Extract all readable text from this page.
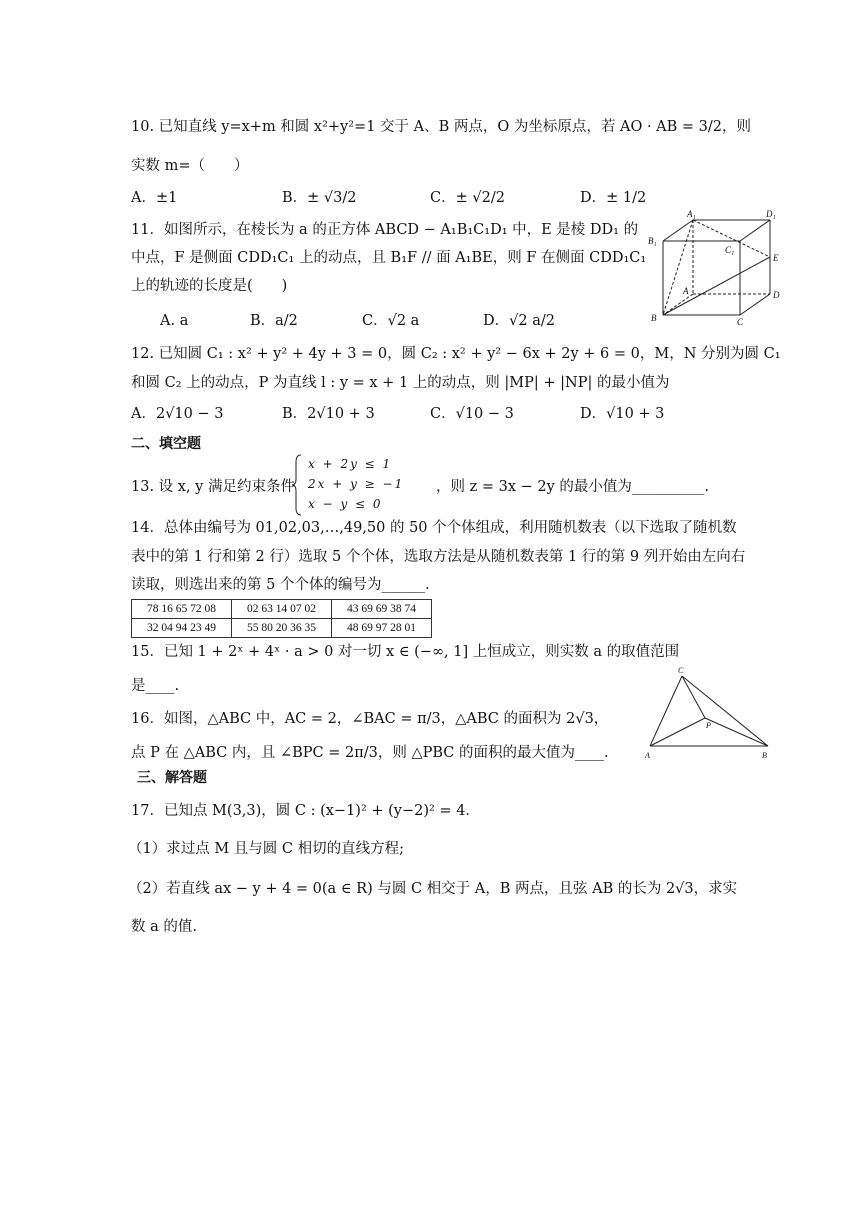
10. 已知直线 y=x+m 和圆 x²+y²=1 交于 A、B 两点，O 为坐标原点，若 AO · AB = 3/2，则
实数 m=（　　）
A．±1	B．± √3/2	C．± √2/2	D．± 1/2
11．如图所示，在棱长为 a 的正方体 ABCD − A₁B₁C₁D₁ 中，E 是棱 DD₁ 的
中点，F 是侧面 CDD₁C₁ 上的动点，且 B₁F // 面 A₁BE，则 F 在侧面 CDD₁C₁
上的轨迹的长度是(　　)
A. a	B．a/2	C．√2 a	D．√2 a/2
A₁	D₁
B₁
C₁
E
A	D
B	C
12. 已知圆 C₁ : x² + y² + 4y + 3 = 0，圆 C₂ : x² + y² − 6x + 2y + 6 = 0，M，N 分别为圆 C₁
和圆 C₂ 上的动点，P 为直线 l : y = x + 1 上的动点，则 |MP| + |NP| 的最小值为
A．2√10 − 3	B．2√10 + 3	C．√10 − 3	D．√10 + 3
二、填空题
13. 设 x, y 满足约束条件
x + 2y ≤ 1
2x + y ≥ −1
x − y ≤ 0
，则 z = 3x − 2y 的最小值为__________.
14．总体由编号为 01,02,03,…,49,50 的 50 个个体组成，利用随机数表（以下选取了随机数
表中的第 1 行和第 2 行）选取 5 个个体，选取方法是从随机数表第 1 行的第 9 列开始由左向右
读取，则选出来的第 5 个个体的编号为______.
78 16 65 72 08	02 63 14 07 02	43 69 69 38 74
32 04 94 23 49	55 80 20 36 35	48 69 97 28 01
15．已知 1 + 2ˣ + 4ˣ · a > 0 对一切 x ∈ (−∞, 1] 上恒成立，则实数 a 的取值范围
是____.
16．如图，△ABC 中，AC = 2，∠BAC = π/3，△ABC 的面积为 2√3，
点 P 在 △ABC 内，且 ∠BPC = 2π/3，则 △PBC 的面积的最大值为____.
C
P
A	B
三、解答题
17．已知点 M(3,3)，圆 C : (x−1)² + (y−2)² = 4．
（1）求过点 M 且与圆 C 相切的直线方程;
（2）若直线 ax − y + 4 = 0(a ∈ R) 与圆 C 相交于 A，B 两点，且弦 AB 的长为 2√3，求实
数 a 的值.
